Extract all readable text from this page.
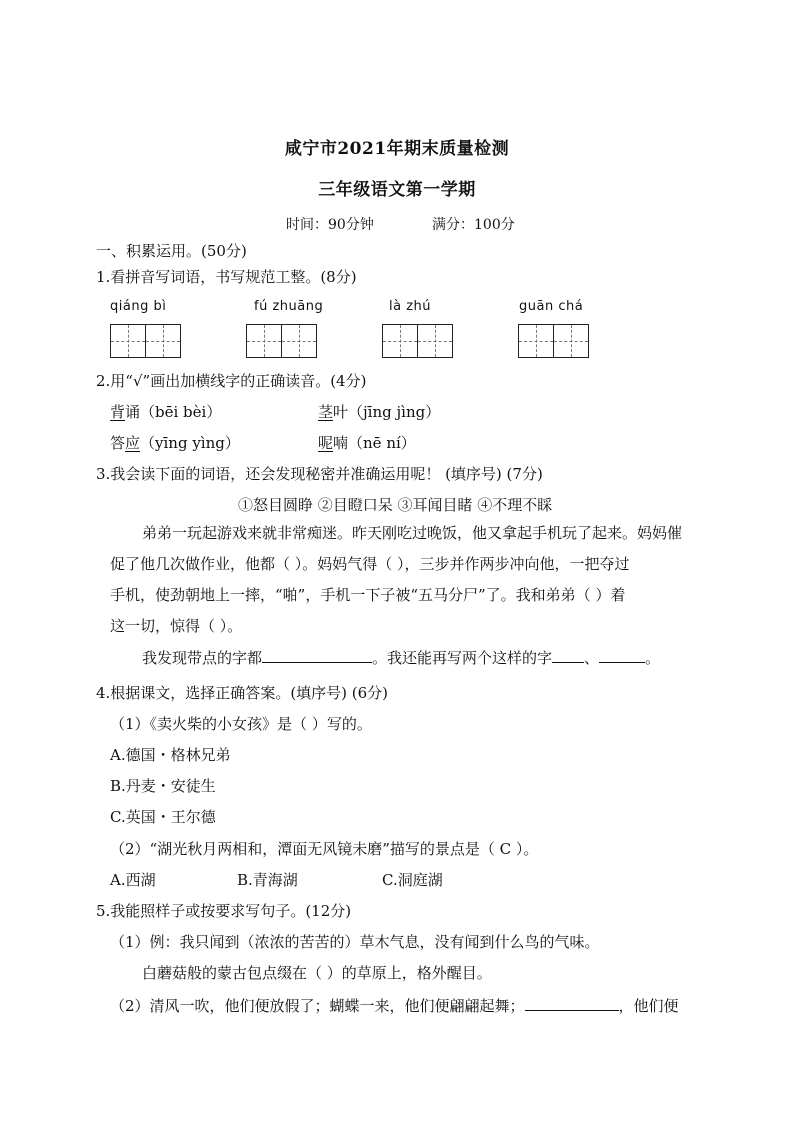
咸宁市2021年期末质量检测
三年级语文第一学期
时间：90分钟	满分：100分
一、积累运用。(50分)
1.看拼音写词语，书写规范工整。(8分)
qiáng bì	fú zhuāng	là zhú	guān chá
2.用“√”画出加横线字的正确读音。(4分)
背诵（bēi bèi）	茎叶（jīng jìng）
答应（yīng yìng）	呢喃（nē ní）
3.我会读下面的词语，还会发现秘密并准确运用呢！ (填序号) (7分)
①怒目圆睁 ②目瞪口呆 ③耳闻目睹 ④不理不睬
弟弟一玩起游戏来就非常痴迷。昨天刚吃过晚饭，他又拿起手机玩了起来。妈妈催
促了他几次做作业，他都（ ）。妈妈气得（ ），三步并作两步冲向他，一把夺过
手机，使劲朝地上一摔，“啪”，手机一下子被“五马分尸”了。我和弟弟（ ）着
这一切，惊得（ ）。
我发现带点的字都	。我还能再写两个这样的字 、	。
4.根据课文，选择正确答案。(填序号) (6分)
（1）《卖火柴的小女孩》是（ ）写的。
A.德国・格林兄弟
B.丹麦・安徒生
C.英国・王尔德
（2）“湖光秋月两相和，潭面无风镜未磨”描写的景点是（ C ）。
A.西湖	B.青海湖	C.洞庭湖
5.我能照样子或按要求写句子。(12分)
（1）例：我只闻到（浓浓的苦苦的）草木气息，没有闻到什么鸟的气味。
白蘑菇般的蒙古包点缀在（ ）的草原上，格外醒目。
（2）清风一吹，他们便放假了；蝴蝶一来，他们便翩翩起舞；	，他们便
